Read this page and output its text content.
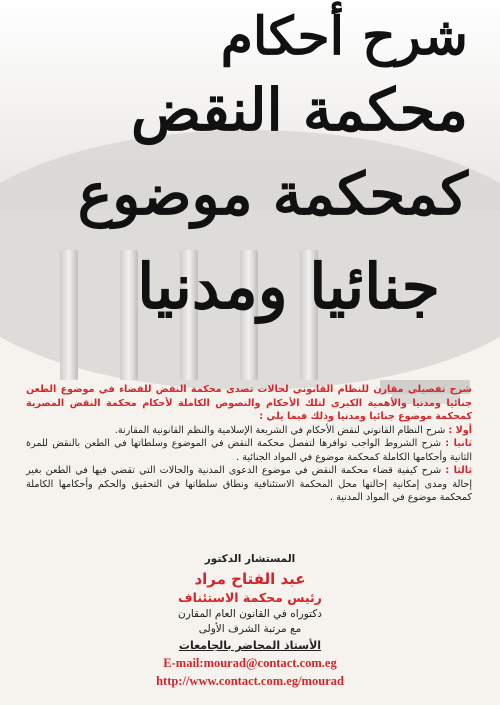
شرح أحكام
محكمة النقض
كمحكمة موضوع
جنائيا ومدنيا

شرح تفصيلي مقارن للنظام القانوني لحالات تصدى محكمة النقض للقضاء في موضوع الطعن جنائيا ومدنيا والأهمية الكبرى لتلك الأحكام والنصوص الكاملة لأحكام محكمة النقض المصرية كمحكمة موضوع جنائيا ومدنيا وذلك فيما يلي :

أولا : شرح النظام القانوني لنقض الأحكام في الشريعة الإسلامية والنظم القانونية المقارنة.

ثانيا : شرح الشروط الواجب توافرها لتفصل محكمة النقض في الموضوع وسلطاتها في الطعن بالنقض للمرة الثانية وأحكامها الكاملة كمحكمة موضوع في المواد الجنائية .

ثالثا : شرح كيفية قضاء محكمة النقض في موضوع الدعوى المدنية والحالات التي تقضي فيها في الطعن بغير إحالة ومدى إمكانية إحالتها محل المحكمة الاستئنافية ونطاق سلطاتها في التحقيق والحكم وأحكامها الكاملة كمحكمة موضوع في المواد المدنية .

المستشار الدكتور
عبد الفتاح مراد
رئيس محكمة الاستئناف
دكتوراه في القانون العام المقارن
مع مرتبة الشرف الأولى
الأستاذ المحاضر بالجامعات
E-mail:mourad@contact.com.eg
http://www.contact.com.eg/mourad
